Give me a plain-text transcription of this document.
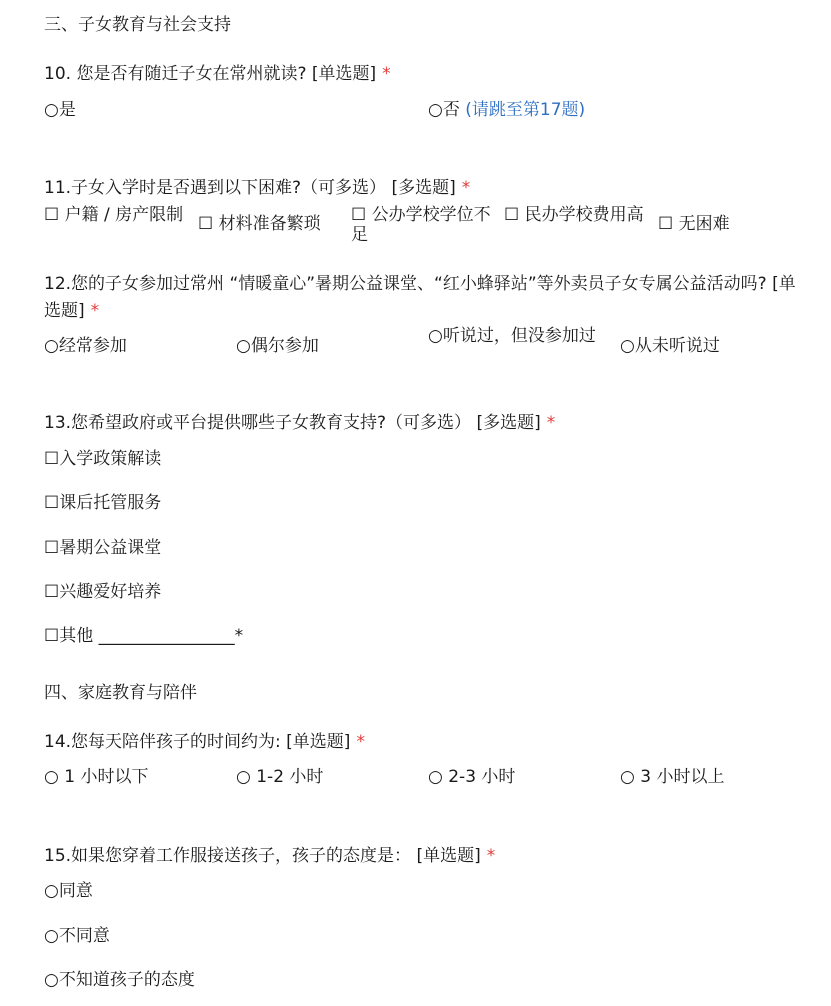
三、子女教育与社会支持
10. 您是否有随迁子女在常州就读? [单选题] *
○是	○否 (请跳至第17题)
11.子女入学时是否遇到以下困难?（可多选） [多选题] *
☐ 户籍 / 房产限制 ☐ 材料准备繁琐 ☐ 公办学校学位不足
☐ 民办学校费用高 ☐ 无困难
12.您的子女参加过常州 “情暖童心”暑期公益课堂、“红小蜂驿站”等外卖员子女专属公益活动吗? [单选题] *
○经常参加	○偶尔参加	○听说过，但没参加过	○从未听说过
13.您希望政府或平台提供哪些子女教育支持?（可多选） [多选题] *
☐入学政策解读
☐课后托管服务
☐暑期公益课堂
☐兴趣爱好培养
☐其他 ________________*
四、家庭教育与陪伴
14.您每天陪伴孩子的时间约为: [单选题] *
○ 1 小时以下	○ 1-2 小时	○ 2-3 小时	○ 3 小时以上
15.如果您穿着工作服接送孩子，孩子的态度是： [单选题] *
○同意
○不同意
○不知道孩子的态度
